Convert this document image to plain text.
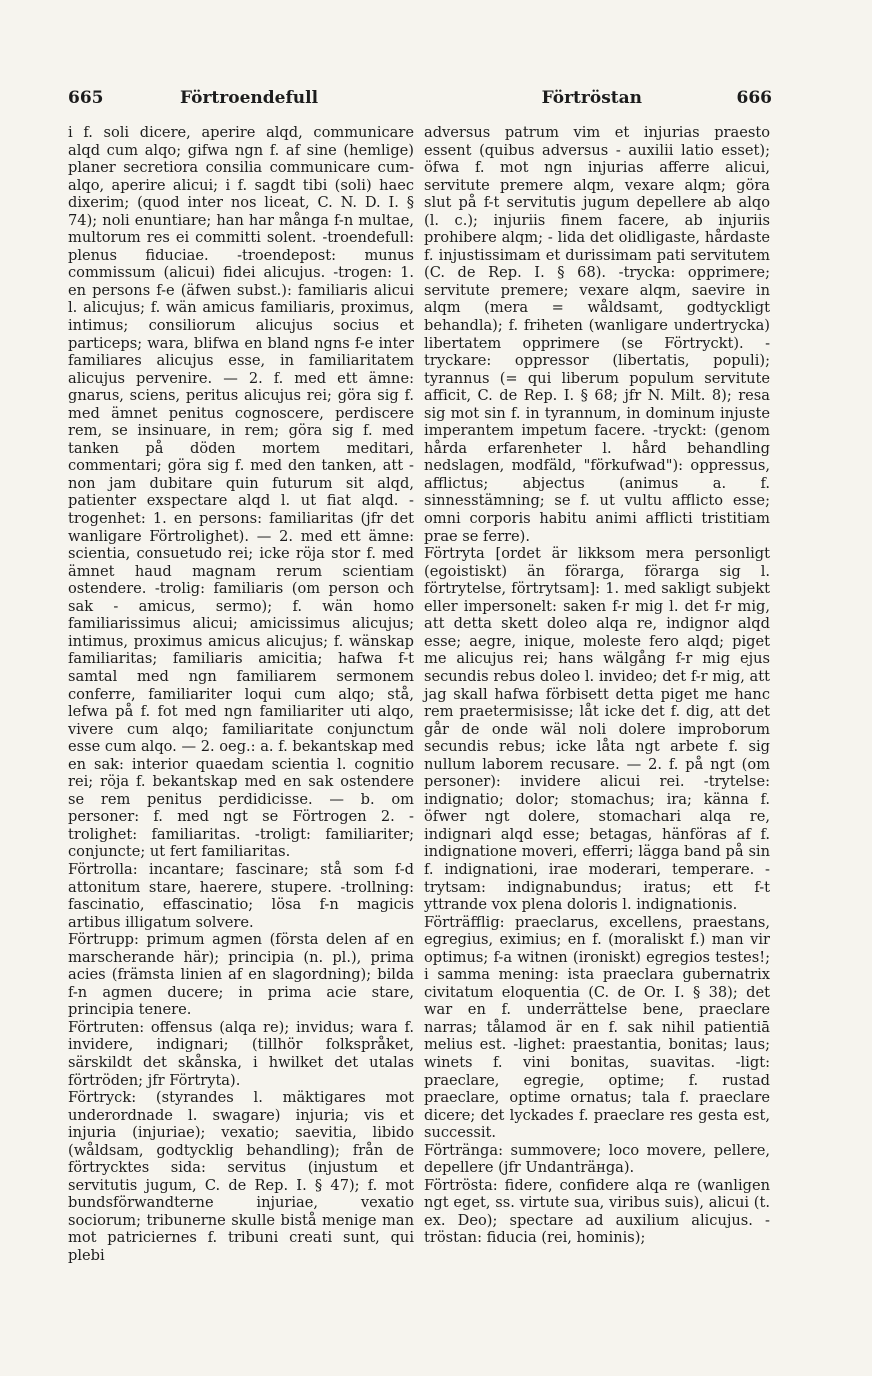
665	Förtroendefull	Förtröstan	666

i f. soli dicere, aperire alqd, communicare alqd cum alqo; gifwa ngn f. af sine (hemlige) planer secretiora consilia communicare cum-alqo, aperire alicui; i f. sagdt tibi (soli) haec dixerim; (quod inter nos liceat, C. N. D. I. § 74); noli enuntiare; han har många f-n multae, multorum res ei committi solent. -troendefull: plenus fiduciae. -troendepost: munus commissum (alicui) fidei alicujus. -trogen: 1. en persons f-e (äfwen subst.): familiaris alicui l. alicujus; f. wän amicus familiaris, proximus, intimus; consiliorum alicujus socius et particeps; wara, blifwa en bland ngns f-e inter familiares alicujus esse, in familiaritatem alicujus pervenire. — 2. f. med ett ämne: gnarus, sciens, peritus alicujus rei; göra sig f. med ämnet penitus cognoscere, perdiscere rem, se insinuare, in rem; göra sig f. med tanken på döden mortem meditari, commentari; göra sig f. med den tanken, att - non jam dubitare quin futurum sit alqd, patienter exspectare alqd l. ut fiat alqd. -trogenhet: 1. en persons: familiaritas (jfr det wanligare Förtrolighet). — 2. med ett ämne: scientia, consuetudo rei; icke röja stor f. med ämnet haud magnam rerum scientiam ostendere. -trolig: familiaris (om person och sak - amicus, sermo); f. wän homo familiarissimus alicui; amicissimus alicujus; intimus, proximus amicus alicujus; f. wänskap familiaritas; familiaris amicitia; hafwa f-t samtal med ngn familiarem sermonem conferre, familiariter loqui cum alqo; stå, lefwa på f. fot med ngn familiariter uti alqo, vivere cum alqo; familiaritate conjunctum esse cum alqo. — 2. oeg.: a. f. bekantskap med en sak: interior quaedam scientia l. cognitio rei; röja f. bekantskap med en sak ostendere se rem penitus perdidicisse. — b. om personer: f. med ngt se Förtrogen 2. -trolighet: familiaritas. -troligt: familiariter; conjuncte; ut fert familiaritas.

Förtrolla: incantare; fascinare; stå som f-d attonitum stare, haerere, stupere. -trollning: fascinatio, effascinatio; lösa f-n magicis artibus illigatum solvere.

Förtrupp: primum agmen (första delen af en marscherande här); principia (n. pl.), prima acies (främsta linien af en slagordning); bilda f-n agmen ducere; in prima acie stare, principia tenere.

Förtruten: offensus (alqa re); invidus; wara f. invidere, indignari; (tillhör folkspråket, särskildt det skånska, i hwilket det utalas förtröden; jfr Förtryta).

Förtryck: (styrandes l. mäktigares mot underordnade l. swagare) injuria; vis et injuria (injuriae); vexatio; saevitia, libido (wåldsam, godtycklig behandling); från de förtrycktes sida: servitus (injustum et servitutis jugum, C. de Rep. I. § 47); f. mot bundsförwandterne injuriae, vexatio sociorum; tribunerne skulle bistå menige man mot patriciernes f. tribuni creati sunt, qui plebi

adversus patrum vim et injurias praesto essent (quibus adversus - auxilii latio esset); öfwa f. mot ngn injurias afferre alicui, servitute premere alqm, vexare alqm; göra slut på f-t servitutis jugum depellere ab alqo (l. c.); injuriis finem facere, ab injuriis prohibere alqm; - lida det olidligaste, hårdaste f. injustissimam et durissimam pati servitutem (C. de Rep. I. § 68). -trycka: opprimere; servitute premere; vexare alqm, saevire in alqm (mera = wåldsamt, godtyckligt behandla); f. friheten (wanligare undertrycka) libertatem opprimere (se Förtryckt). -tryckare: oppressor (libertatis, populi); tyrannus (= qui liberum populum servitute afficit, C. de Rep. I. § 68; jfr N. Milt. 8); resa sig mot sin f. in tyrannum, in dominum injuste imperantem impetum facere. -tryckt: (genom hårda erfarenheter l. hård behandling nedslagen, modfäld, "förkufwad"): oppressus, afflictus; abjectus (animus a. f. sinnesstämning; se f. ut vultu afflicto esse; omni corporis habitu animi afflicti tristitiam prae se ferre).

Förtryta [ordet är likksom mera personligt (egoistiskt) än förarga, förarga sig l. förtrytelse, förtrytsam]: 1. med sakligt subjekt eller impersonelt: saken f-r mig l. det f-r mig, att detta skett doleo alqa re, indignor alqd esse; aegre, inique, moleste fero alqd; piget me alicujus rei; hans wälgång f-r mig ejus secundis rebus doleo l. invideo; det f-r mig, att jag skall hafwa förbisett detta piget me hanc rem praetermisisse; låt icke det f. dig, att det går de onde wäl noli dolere improborum secundis rebus; icke låta ngt arbete f. sig nullum laborem recusare. — 2. f. på ngt (om personer): invidere alicui rei. -trytelse: indignatio; dolor; stomachus; ira; känna f. öfwer ngt dolere, stomachari alqa re, indignari alqd esse; betagas, hänföras af f. indignatione moveri, efferri; lägga band på sin f. indignationi, irae moderari, temperare. -trytsam: indignabundus; iratus; ett f-t yttrande vox plena doloris l. indignationis.

Förträfflig: praeclarus, excellens, praestans, egregius, eximius; en f. (moraliskt f.) man vir optimus; f-a witnen (ironiskt) egregios testes!; i samma mening: ista praeclara gubernatrix civitatum eloquentia (C. de Or. I. § 38); det war en f. underrättelse bene, praeclare narras; tålamod är en f. sak nihil patientiā melius est. -lighet: praestantia, bonitas; laus; winets f. vini bonitas, suavitas. -ligt: praeclare, egregie, optime; f. rustad praeclare, optime ornatus; tala f. praeclare dicere; det lyckades f. praeclare res gesta est, successit.

Förtränga: summovere; loco movere, pellere, depellere (jfr Undanträнga).

Förtrösta: fidere, confidere alqa re (wanligen ngt eget, ss. virtute sua, viribus suis), alicui (t. ex. Deo); spectare ad auxilium alicujus. -tröstan: fiducia (rei, hominis);
